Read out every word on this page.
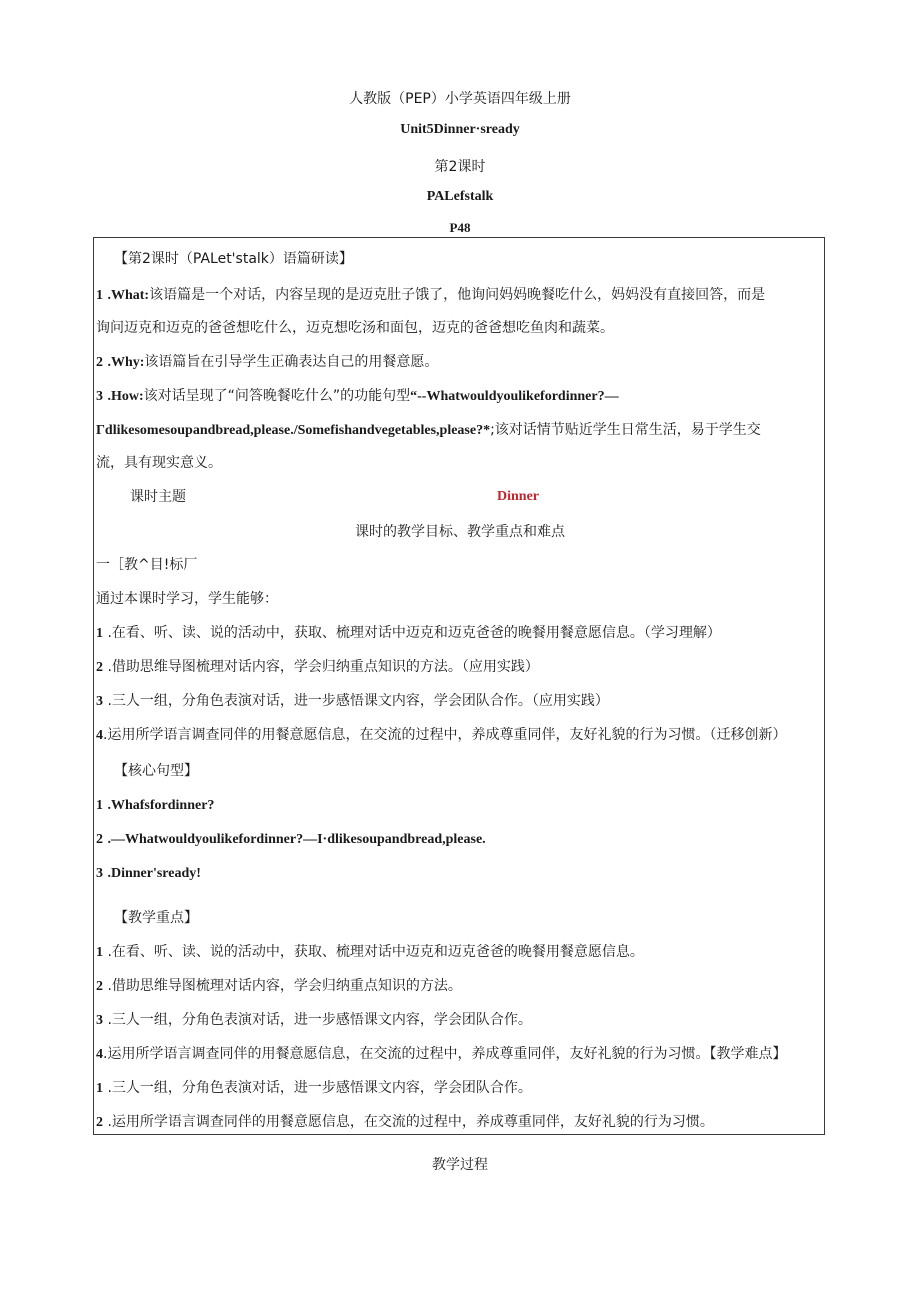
人教版（PEP）小学英语四年级上册
Unit5Dinner·sready
第2课时
PALefstalk
P48
【第2课时（PALet'stalk）语篇研读】
1 .What:该语篇是一个对话，内容呈现的是迈克肚子饿了，他询问妈妈晚餐吃什么，妈妈没有直接回答，而是
询问迈克和迈克的爸爸想吃什么，迈克想吃汤和面包，迈克的爸爸想吃鱼肉和蔬菜。
2 .Why:该语篇旨在引导学生正确表达自己的用餐意愿。
3 .How:该对话呈现了“问答晚餐吃什么”的功能句型“--Whatwouldyoulikefordinner?—
Γdlikesomesoupandbread,please./Somefishandvegetables,please?*;该对话情节贴近学生日常生活，易于学生交
流，具有现实意义。
课时主题	Dinner
课时的教学目标、教学重点和难点
一［教^目!标厂
通过本课时学习，学生能够：
1 .在看、听、读、说的活动中，获取、梳理对话中迈克和迈克爸爸的晚餐用餐意愿信息。（学习理解）
2 .借助思维导图梳理对话内容，学会归纳重点知识的方法。（应用实践）
3 .三人一组，分角色表演对话，进一步感悟课文内容，学会团队合作。（应用实践）
4.运用所学语言调查同伴的用餐意愿信息，在交流的过程中，养成尊重同伴，友好礼貌的行为习惯。（迁移创新）
【核心句型】
1 .Whafsfordinner?
2 .—Whatwouldyoulikefordinner?—I·dlikesoupandbread,please.
3 .Dinner'sready!
【教学重点】
1 .在看、听、读、说的活动中，获取、梳理对话中迈克和迈克爸爸的晚餐用餐意愿信息。
2 .借助思维导图梳理对话内容，学会归纳重点知识的方法。
3 .三人一组，分角色表演对话，进一步感悟课文内容，学会团队合作。
4.运用所学语言调查同伴的用餐意愿信息，在交流的过程中，养成尊重同伴，友好礼貌的行为习惯。【教学难点】
1 .三人一组，分角色表演对话，进一步感悟课文内容，学会团队合作。
2 .运用所学语言调查同伴的用餐意愿信息，在交流的过程中，养成尊重同伴，友好礼貌的行为习惯。
教学过程
